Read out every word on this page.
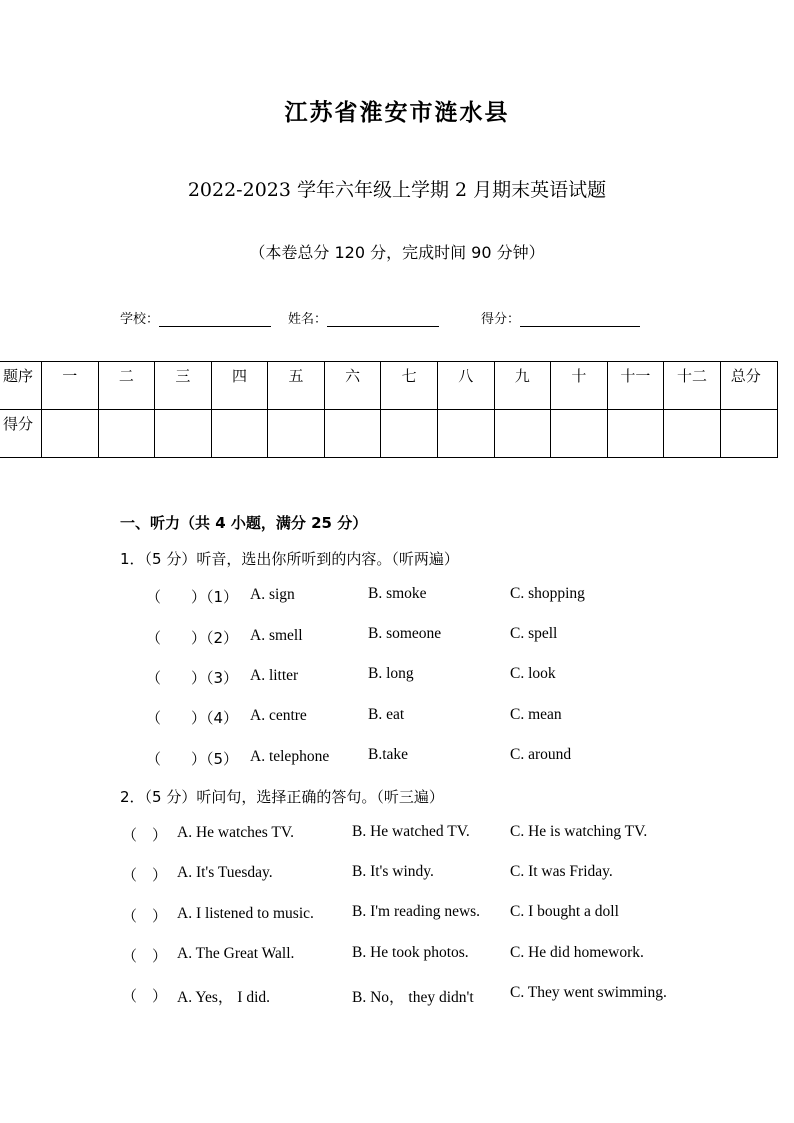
江苏省淮安市涟水县
2022-2023 学年六年级上学期 2 月期末英语试题
（本卷总分 120 分，完成时间 90 分钟）
学校：	姓名：	得分：
题序	一	二	三	四	五	六	七	八	九	十	十一	十二	总分
得分													
一、听力（共 4 小题，满分 25 分）
1．（5 分）听音，选出你所听到的内容。（听两遍）
（　　）（1） A. sign	B. smoke	C. shopping
（　　）（2） A. smell	B. someone	C. spell
（　　）（3） A. litter	B. long	C. look
（　　）（4） A. centre	B. eat	C. mean
（　　）（5） A. telephone	B.take	C. around
2．（5 分）听问句，选择正确的答句。（听三遍）
（　） A. He watches TV.	B. He watched TV.	C. He is watching TV.
（　） A. It's Tuesday.	B. It's windy.	C. It was Friday.
（　） A. I listened to music. B. I'm reading news. C. I bought a doll
（　） A. The Great Wall.	B. He took photos.	C. He did homework.
（　） A. Yes， I did.	B. No， they didn't C. They went swimming.
